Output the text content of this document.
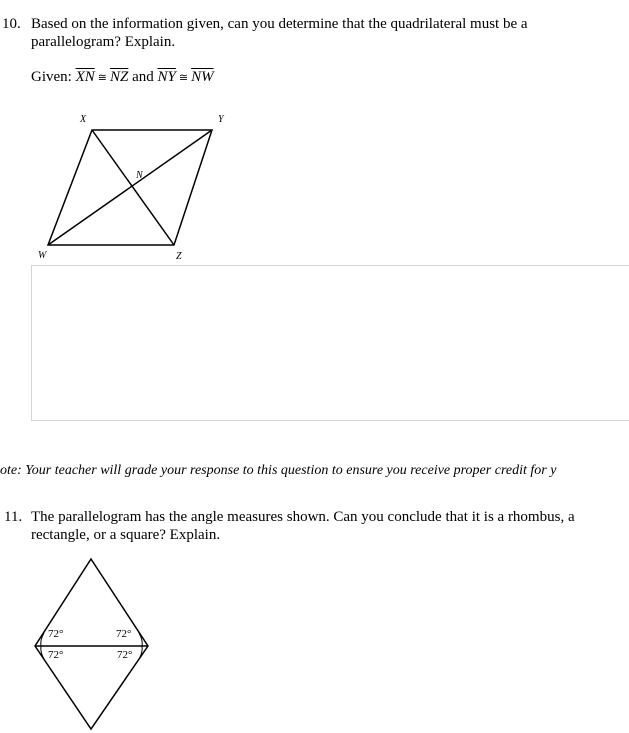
10. Based on the information given, can you determine that the quadrilateral must be a
parallelogram? Explain.
Given: $\overline{XN}$ ≅ $\overline{NZ}$ and $\overline{NY}$ ≅ $\overline{NW}$
X	Y
N
W	Z
ote: Your teacher will grade your response to this question to ensure you receive proper credit for y
11. The parallelogram has the angle measures shown. Can you conclude that it is a rhombus, a
rectangle, or a square? Explain.
72°	72°
72°	72°
